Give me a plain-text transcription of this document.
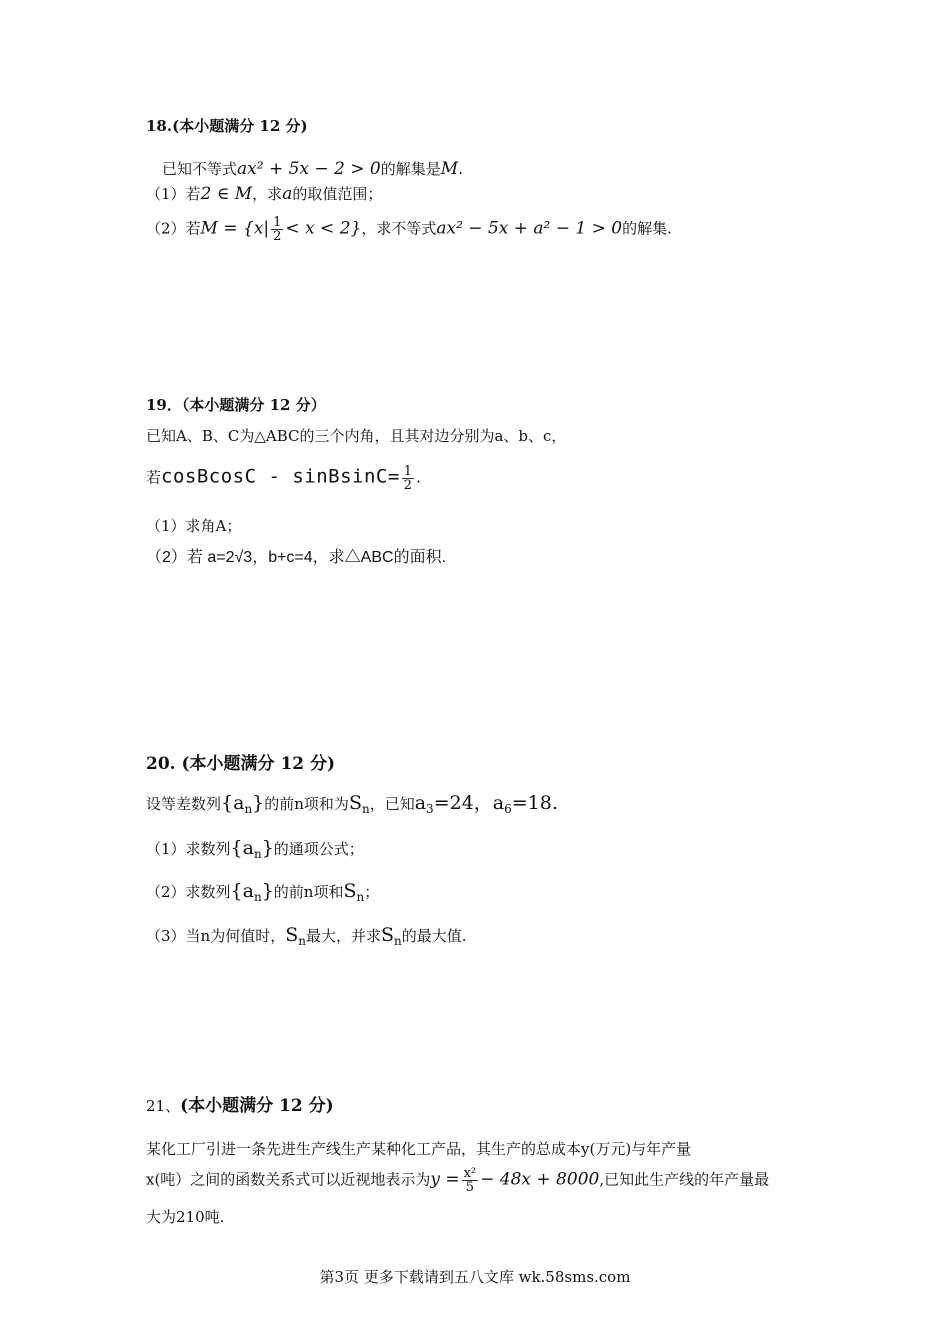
18.(本小题满分 12 分)
已知不等式ax² + 5x − 2 > 0的解集是M.
（1）若2 ∈ M，求a的取值范围；
（2）若$M = \{x| \frac{1}{2} < x < 2\}$，求不等式ax² − 5x + a² − 1 > 0的解集.
19．（本小题满分 12 分）
已知A、B、C为△ABC的三个内角，且其对边分别为a、b、c，
若cosBcosC - sinBsinC= $\frac{1}{2}$ .
（1）求角A；
（2）若 a=2√3，b+c=4，求△ABC的面积.
20. (本小题满分 12 分)
设等差数列$\{a_n\}$的前n项和为$S_n$，已知$a_3=24$，$a_6=18$.
（1）求数列$\{a_n\}$的通项公式；
（2）求数列$\{a_n\}$的前n项和$S_n$；
（3）当n为何值时，$S_n$最大，并求$S_n$的最大值.
21、(本小题满分 12 分)
某化工厂引进一条先进生产线生产某种化工产品，其生产的总成本y(万元)与年产量
x(吨）之间的函数关系式可以近视地表示为$y = \frac{\text{x²}}{5} - 48x + 8000$,已知此生产线的年产量最
大为210吨.
第3页 更多下载请到五八文库 wk.58sms.com
